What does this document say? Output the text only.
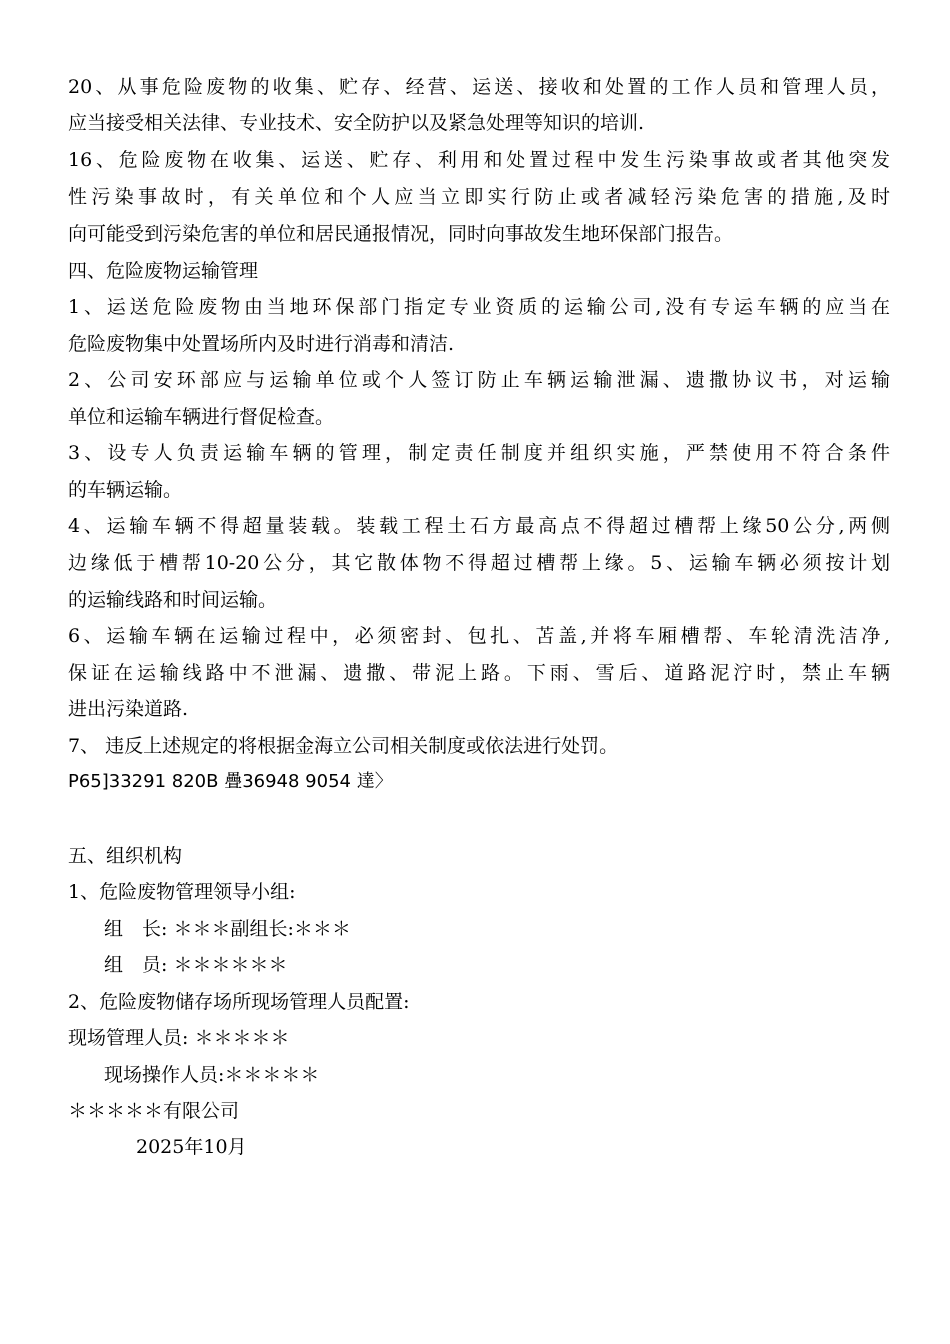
20、从事危险废物的收集、贮存、经营、运送、接收和处置的工作人员和管理人员，
应当接受相关法律、专业技术、安全防护以及紧急处理等知识的培训.
16、危险废物在收集、运送、贮存、利用和处置过程中发生污染事故或者其他突发
性污染事故时，有关单位和个人应当立即实行防止或者减轻污染危害的措施,及时
向可能受到污染危害的单位和居民通报情况，同时向事故发生地环保部门报告。
四、危险废物运输管理
1、运送危险废物由当地环保部门指定专业资质的运输公司,没有专运车辆的应当在
危险废物集中处置场所内及时进行消毒和清洁.
2、公司安环部应与运输单位或个人签订防止车辆运输泄漏、遗撒协议书，对运输
单位和运输车辆进行督促检查。
3、设专人负责运输车辆的管理，制定责任制度并组织实施，严禁使用不符合条件
的车辆运输。
4、运输车辆不得超量装载。装载工程土石方最高点不得超过槽帮上缘50公分,两侧
边缘低于槽帮10-20公分，其它散体物不得超过槽帮上缘。5、运输车辆必须按计划
的运输线路和时间运输。
6、运输车辆在运输过程中，必须密封、包扎、苫盖,并将车厢槽帮、车轮清洗洁净,
保证在运输线路中不泄漏、遗撒、带泥上路。下雨、雪后、道路泥泞时，禁止车辆
进出污染道路.
7、 违反上述规定的将根据金海立公司相关制度或依法进行处罚。
P65]33291 820B 疊36948 9054 達〉
五、组织机构
1、危险废物管理领导小组:
组　长: ＊＊＊副组长:＊＊＊
组　员: ＊＊＊＊＊＊
2、危险废物储存场所现场管理人员配置:
现场管理人员: ＊＊＊＊＊
现场操作人员:＊＊＊＊＊
＊＊＊＊＊有限公司
2025年10月
